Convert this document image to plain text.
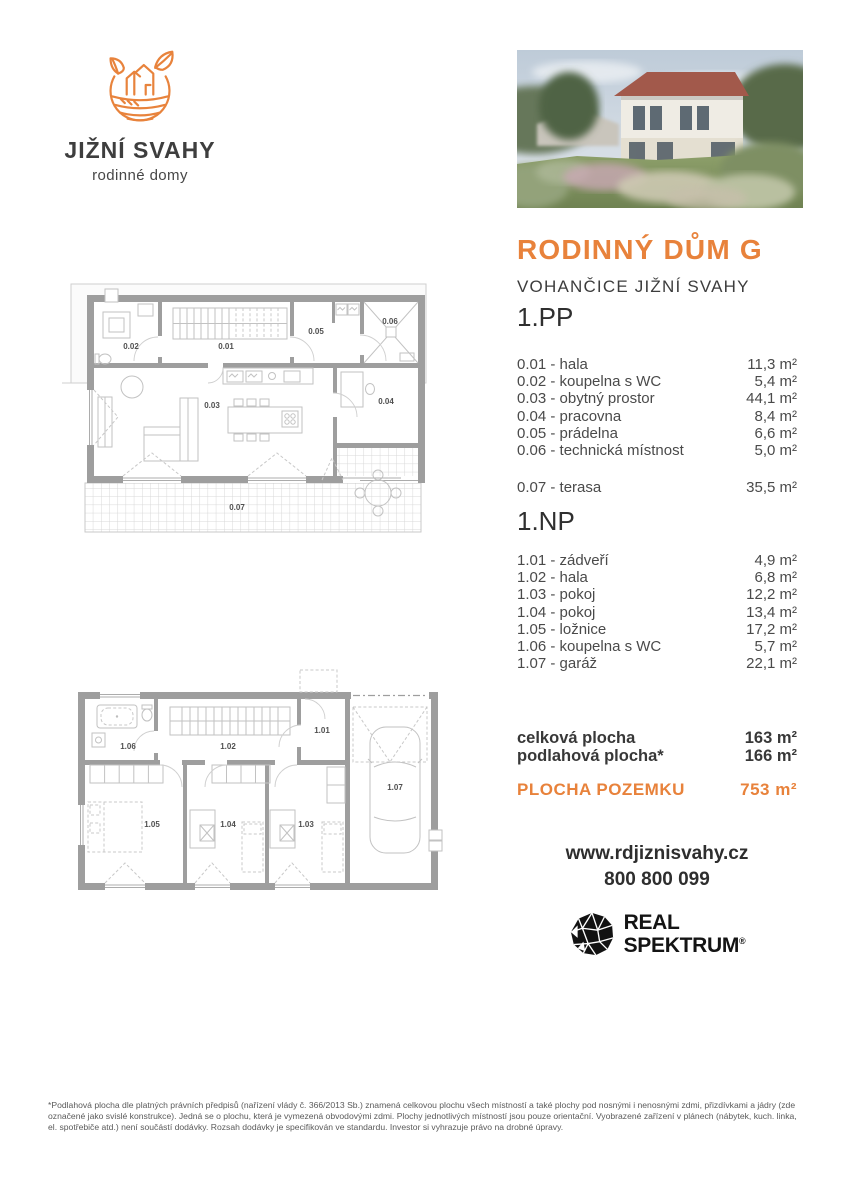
JIŽNÍ SVAHY
rodinné domy
RODINNÝ DŮM G
VOHANČICE JIŽNÍ SVAHY
1.PP
0.01 - hala	11,3 m²
0.02 - koupelna s WC	5,4 m²
0.03 - obytný prostor	44,1 m²
0.04 - pracovna	8,4 m²
0.05 - prádelna	6,6 m²
0.06 - technická místnost	5,0 m²
0.07 - terasa	35,5 m²
1.NP
1.01 - zádveří	4,9 m²
1.02 - hala	6,8 m²
1.03 - pokoj	12,2 m²
1.04 - pokoj	13,4 m²
1.05 - ložnice	17,2 m²
1.06 - koupelna s WC	5,7 m²
1.07 - garáž	22,1 m²
celková plocha	163 m²
podlahová plocha*	166 m²
PLOCHA POZEMKU	753 m²
www.rdjiznisvahy.cz
800 800 099
REAL
SPEKTRUM®
0.01
0.02
0.03	0.04
0.05
0.06
0.07
1.01
1.02
1.03
1.04
1.05
1.06
1.07
*Podlahová plocha dle platných právních předpisů (nařízení vlády č. 366/2013 Sb.) znamená celkovou plochu všech místností a také plochy pod nosnými i nenosnými zdmi, přizdívkami a jádry (zde označené jako svislé konstrukce). Jedná se o plochu, která je vymezená obvodovými zdmi. Plochy jednotlivých místností jsou pouze orientační. Vyobrazené zařízení v plánech (nábytek, kuch. linka, el. spotřebiče atd.) není součástí dodávky. Rozsah dodávky je specifikován ve standardu. Investor si vyhrazuje právo na drobné úpravy.
